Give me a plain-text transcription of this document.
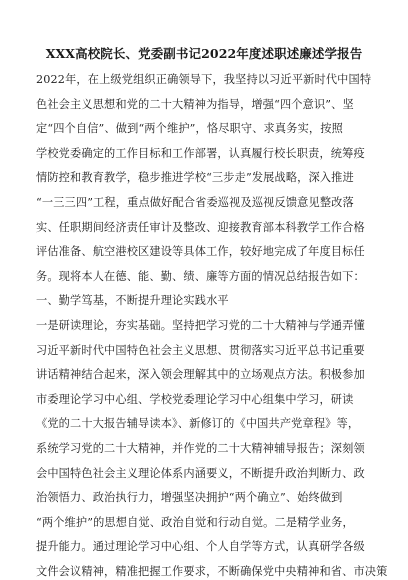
XXX高校院长、党委副书记2022年度述职述廉述学报告
2022年，在上级党组织正确领导下，我坚持以习近平新时代中国特
色社会主义思想和党的二十大精神为指导，增强“四个意识”、坚
定“四个自信”、做到“两个维护”，恪尽职守、求真务实，按照
学校党委确定的工作目标和工作部署，认真履行校长职责，统筹疫
情防控和教育教学，稳步推进学校“三步走”发展战略，深入推进
“一三三四”工程，重点做好配合省委巡视及巡视反馈意见整改落
实、任职期间经济责任审计及整改、迎接教育部本科教学工作合格
评估准备、航空港校区建设等具体工作，较好地完成了年度目标任
务。现将本人在德、能、勤、绩、廉等方面的情况总结报告如下：
一、勤学笃基，不断提升理论实践水平
一是研读理论，夯实基础。坚持把学习党的二十大精神与学通弄懂
习近平新时代中国特色社会主义思想、贯彻落实习近平总书记重要
讲话精神结合起来，深入领会理解其中的立场观点方法。积极参加
市委理论学习中心组、学校党委理论学习中心组集中学习，研读
《党的二十大报告辅导读本》、新修订的《中国共产党章程》等，
系统学习党的二十大精神，并作党的二十大精神辅导报告；深刻领
会中国特色社会主义理论体系内涵要义，不断提升政治判断力、政
治领悟力、政治执行力，增强坚决拥护“两个确立”、始终做到
“两个维护”的思想自觉、政治自觉和行动自觉。二是精学业务，
提升能力。通过理论学习中心组、个人自学等方式，认真研学各级
文件会议精神，精准把握工作要求，不断确保党中央精神和省、市决策
